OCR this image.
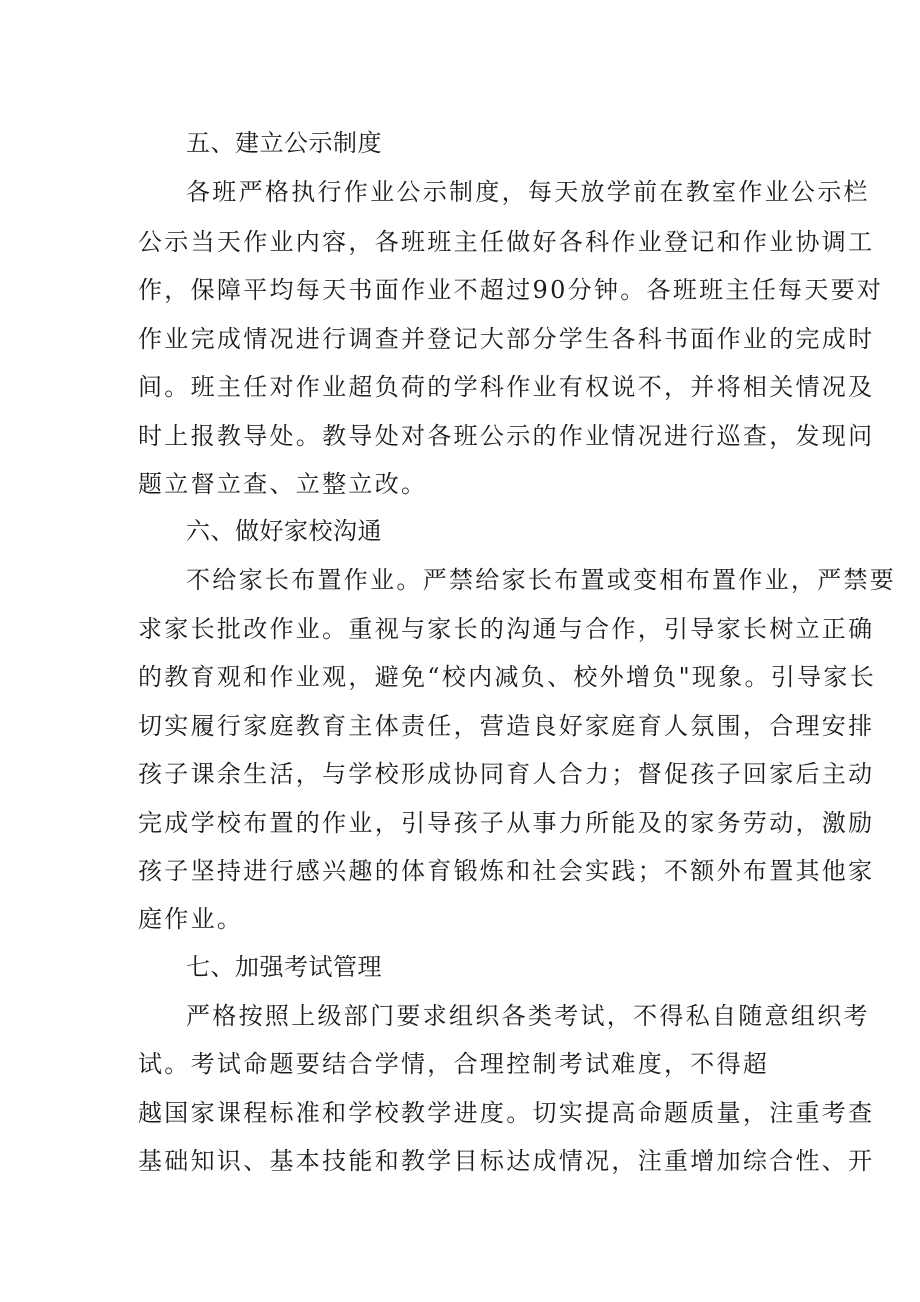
五、建立公示制度
各班严格执行作业公示制度，每天放学前在教室作业公示栏
公示当天作业内容，各班班主任做好各科作业登记和作业协调工
作，保障平均每天书面作业不超过90分钟。各班班主任每天要对
作业完成情况进行调查并登记大部分学生各科书面作业的完成时
间。班主任对作业超负荷的学科作业有权说不，并将相关情况及
时上报教导处。教导处对各班公示的作业情况进行巡查，发现问
题立督立查、立整立改。
六、做好家校沟通
不给家长布置作业。严禁给家长布置或变相布置作业，严禁要
求家长批改作业。重视与家长的沟通与合作，引导家长树立正确
的教育观和作业观，避免“校内减负、校外增负"现象。引导家长
切实履行家庭教育主体责任，营造良好家庭育人氛围，合理安排
孩子课余生活，与学校形成协同育人合力；督促孩子回家后主动
完成学校布置的作业，引导孩子从事力所能及的家务劳动，激励
孩子坚持进行感兴趣的体育锻炼和社会实践；不额外布置其他家
庭作业。
七、加强考试管理
严格按照上级部门要求组织各类考试，不得私自随意组织考
试。考试命题要结合学情，合理控制考试难度，不得超
越国家课程标准和学校教学进度。切实提高命题质量，注重考查
基础知识、基本技能和教学目标达成情况，注重增加综合性、开
